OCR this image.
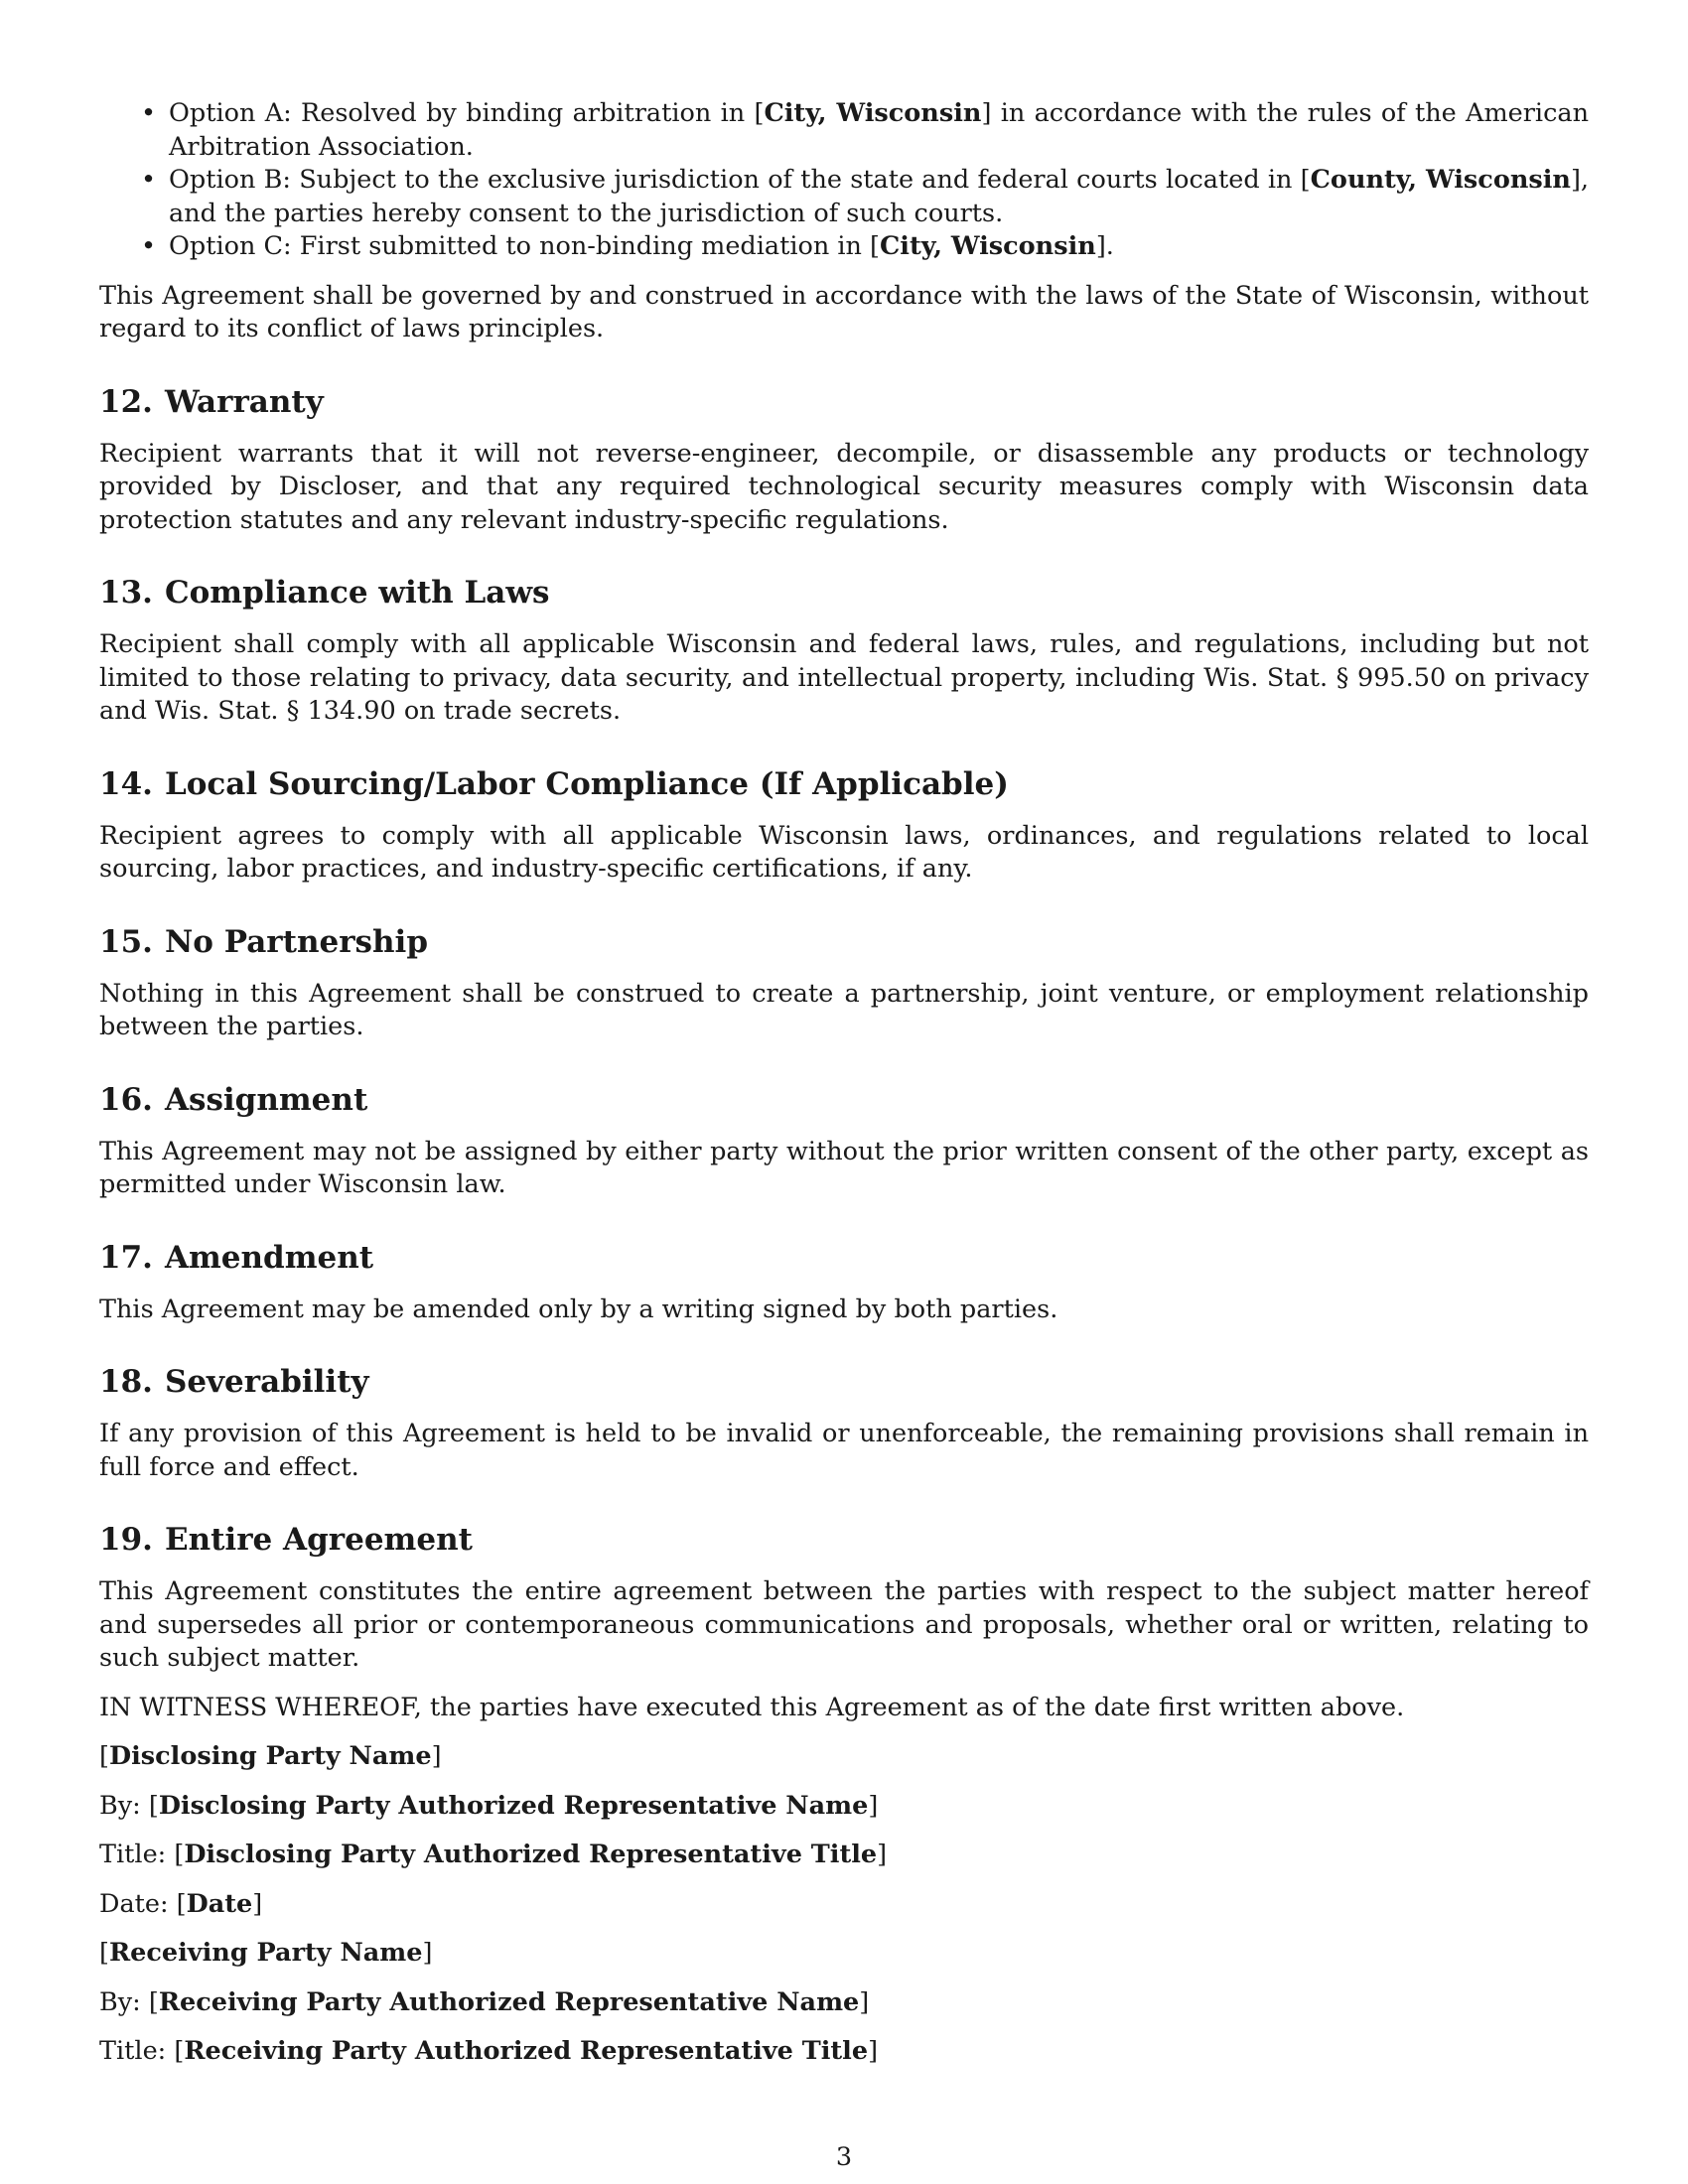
• Option A: Resolved by binding arbitration in [City, Wisconsin] in accordance with the rules of the American Arbitration Association.
• Option B: Subject to the exclusive jurisdiction of the state and federal courts located in [County, Wisconsin], and the parties hereby consent to the jurisdiction of such courts.
• Option C: First submitted to non-binding mediation in [City, Wisconsin].

This Agreement shall be governed by and construed in accordance with the laws of the State of Wisconsin, without regard to its conflict of laws principles.

12. Warranty

Recipient warrants that it will not reverse-engineer, decompile, or disassemble any products or technology provided by Discloser, and that any required technological security measures comply with Wisconsin data protection statutes and any relevant industry-specific regulations.

13. Compliance with Laws

Recipient shall comply with all applicable Wisconsin and federal laws, rules, and regulations, including but not limited to those relating to privacy, data security, and intellectual property, including Wis. Stat. § 995.50 on privacy and Wis. Stat. § 134.90 on trade secrets.

14. Local Sourcing/Labor Compliance (If Applicable)

Recipient agrees to comply with all applicable Wisconsin laws, ordinances, and regulations related to local sourcing, labor practices, and industry-specific certifications, if any.

15. No Partnership

Nothing in this Agreement shall be construed to create a partnership, joint venture, or employment relationship between the parties.

16. Assignment

This Agreement may not be assigned by either party without the prior written consent of the other party, except as permitted under Wisconsin law.

17. Amendment

This Agreement may be amended only by a writing signed by both parties.

18. Severability

If any provision of this Agreement is held to be invalid or unenforceable, the remaining provisions shall remain in full force and effect.

19. Entire Agreement

This Agreement constitutes the entire agreement between the parties with respect to the subject matter hereof and supersedes all prior or contemporaneous communications and proposals, whether oral or written, relating to such subject matter.

IN WITNESS WHEREOF, the parties have executed this Agreement as of the date first written above.

[Disclosing Party Name]

By: [Disclosing Party Authorized Representative Name]

Title: [Disclosing Party Authorized Representative Title]

Date: [Date]

[Receiving Party Name]

By: [Receiving Party Authorized Representative Name]

Title: [Receiving Party Authorized Representative Title]

3
